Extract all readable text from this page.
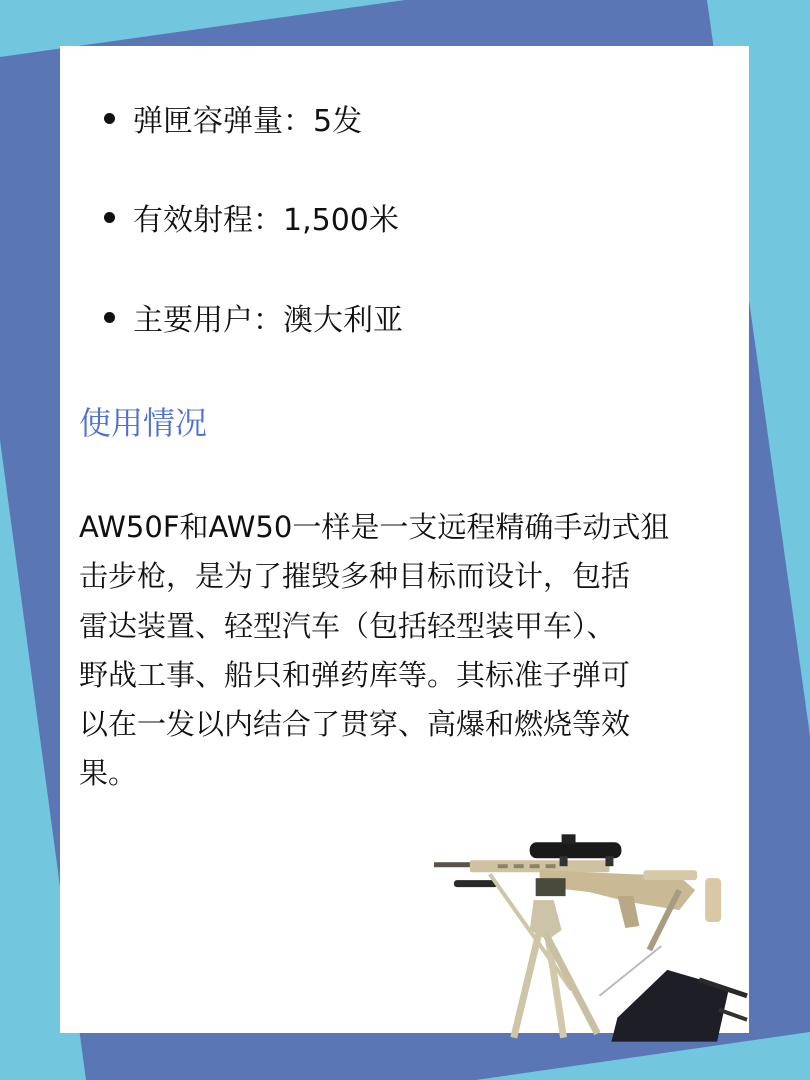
弹匣容弹量：5发
有效射程：1,500米
主要用户：澳大利亚
使用情况
AW50F和AW50一样是一支远程精确手动式狙
击步枪，是为了摧毁多种目标而设计，包括
雷达装置、轻型汽车（包括轻型装甲车）、
野战工事、船只和弹药库等。其标准子弹可
以在一发以内结合了贯穿、高爆和燃烧等效
果。
